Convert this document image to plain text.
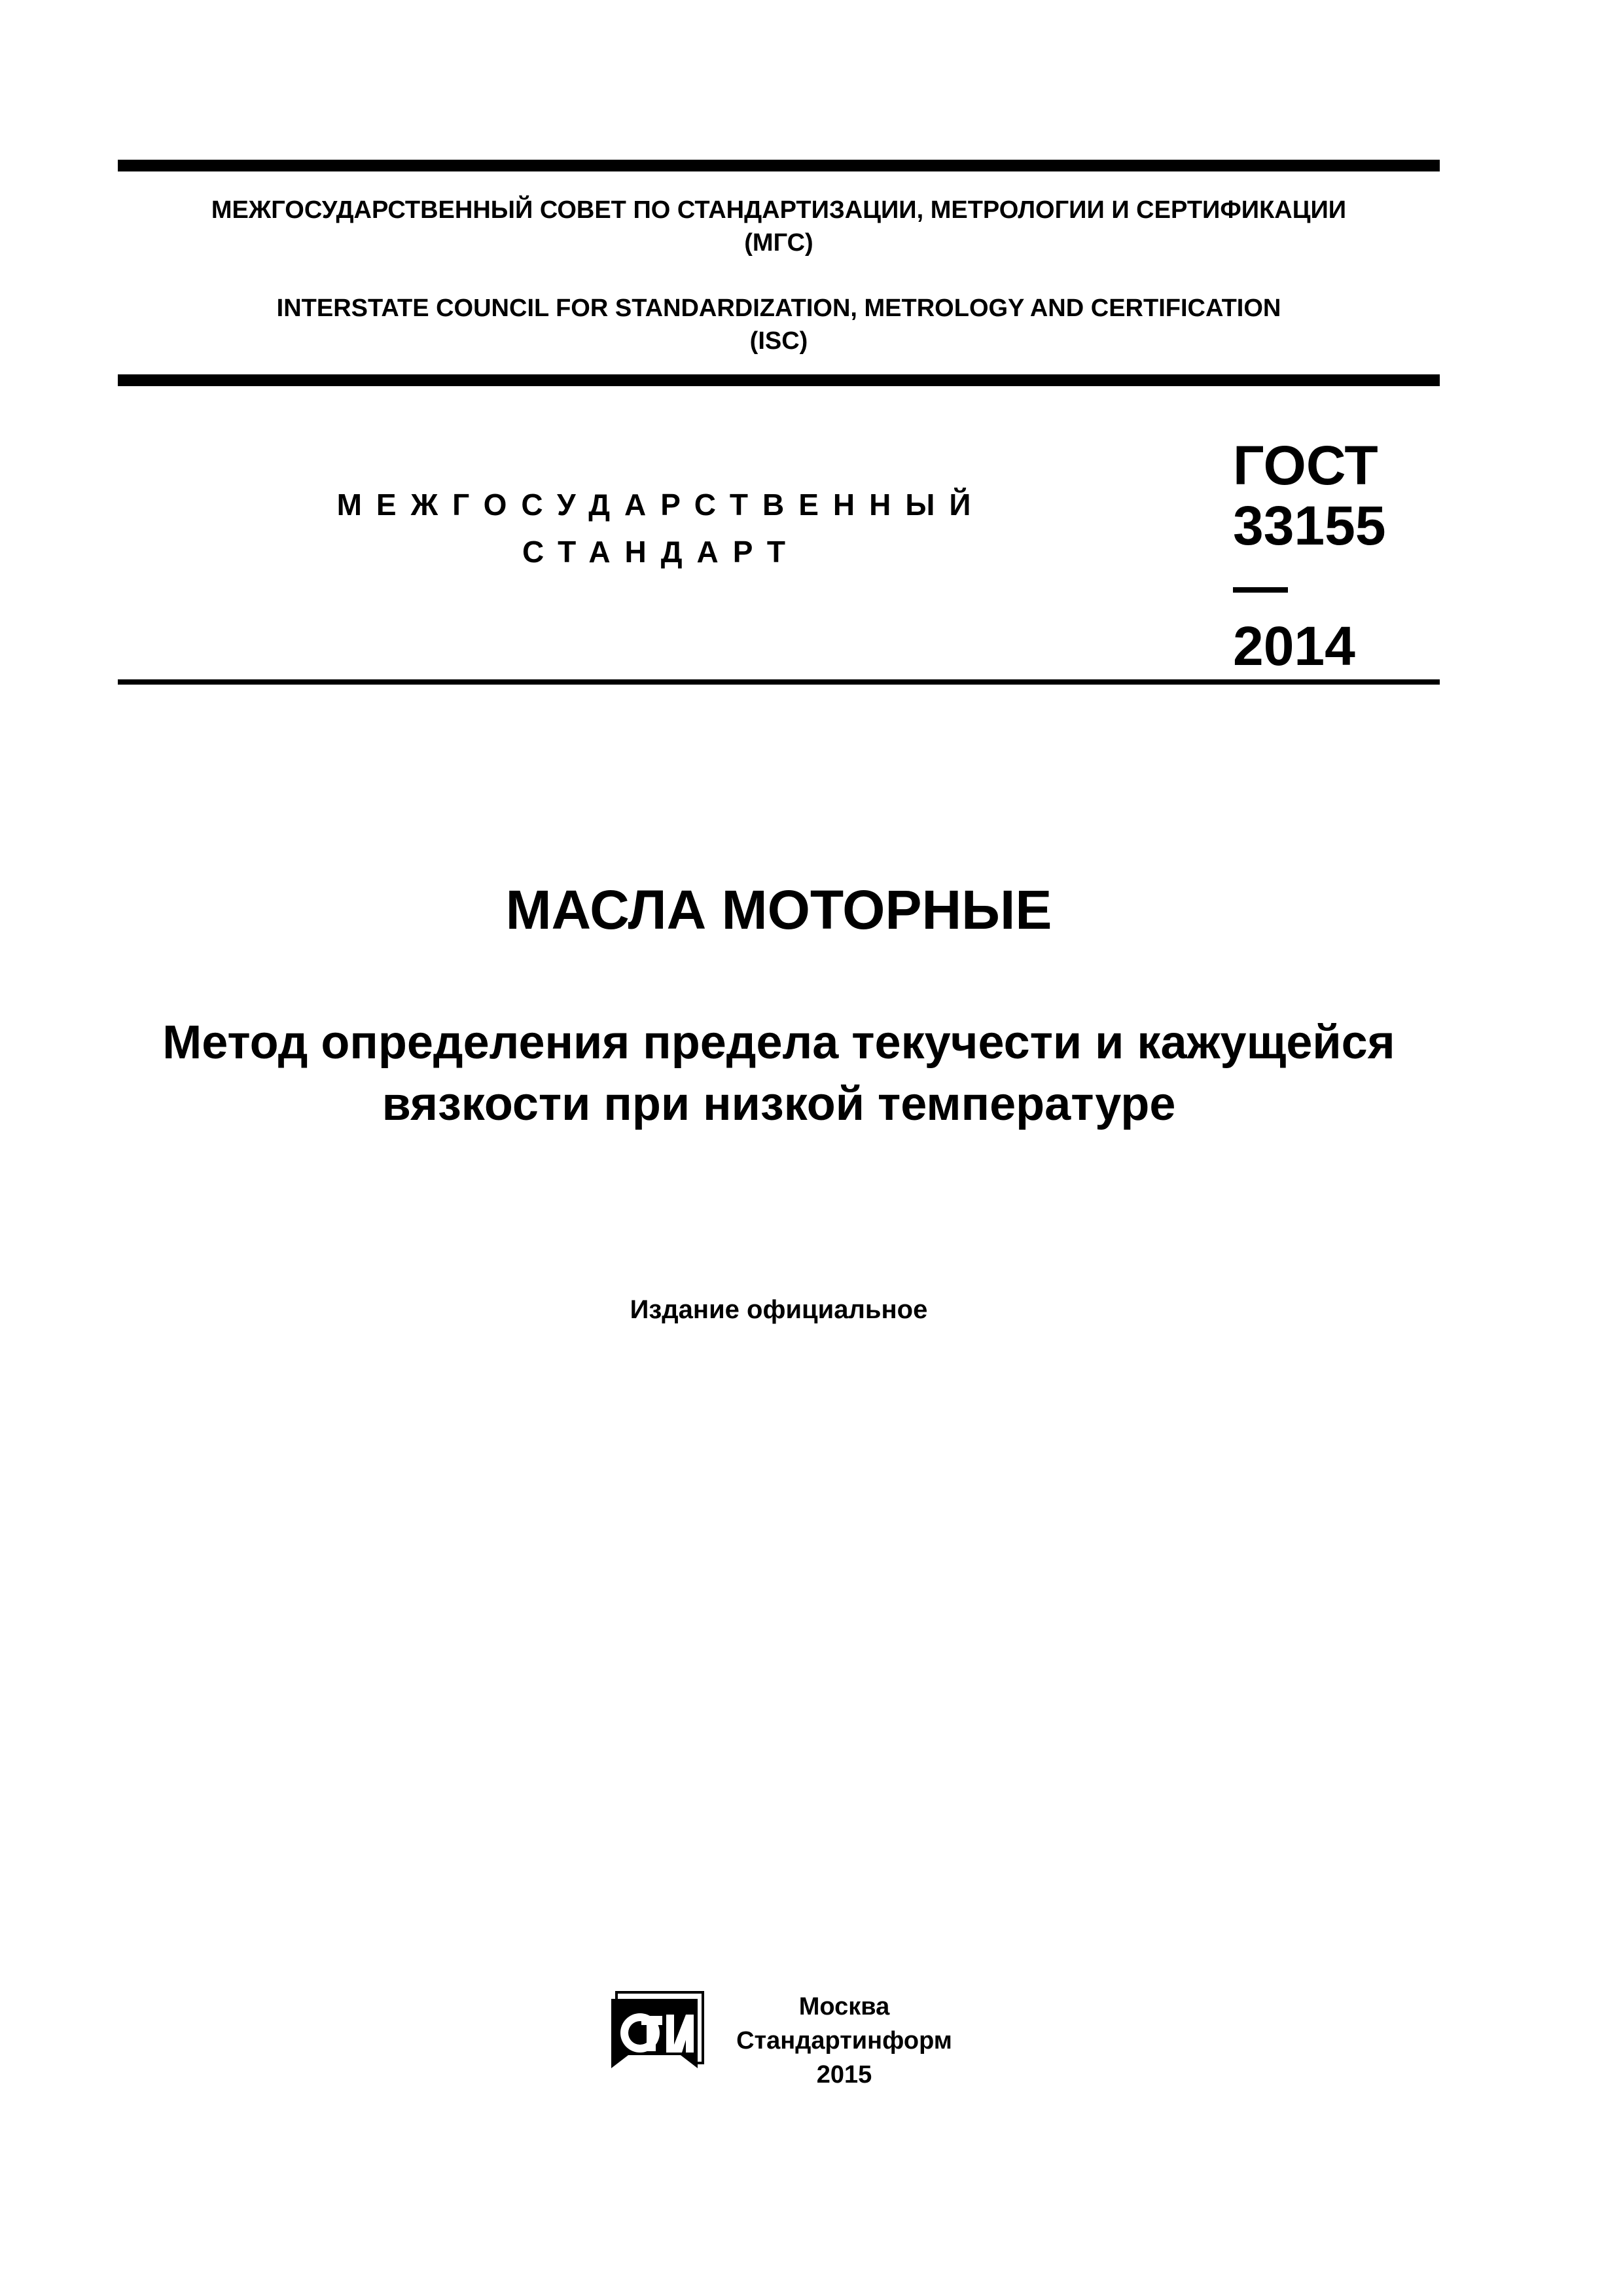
МЕЖГОСУДАРСТВЕННЫЙ СОВЕТ ПО СТАНДАРТИЗАЦИИ, МЕТРОЛОГИИ И СЕРТИФИКАЦИИ
(МГС)
INTERSTATE COUNCIL FOR STANDARDIZATION, METROLOGY AND CERTIFICATION
(ISC)
МЕЖГОСУДАРСТВЕННЫЙ
СТАНДАРТ
ГОСТ
33155—
2014
МАСЛА МОТОРНЫЕ
Метод определения предела текучести и кажущейся
вязкости при низкой температуре
Издание официальное
Москва
Стандартинформ
2015
